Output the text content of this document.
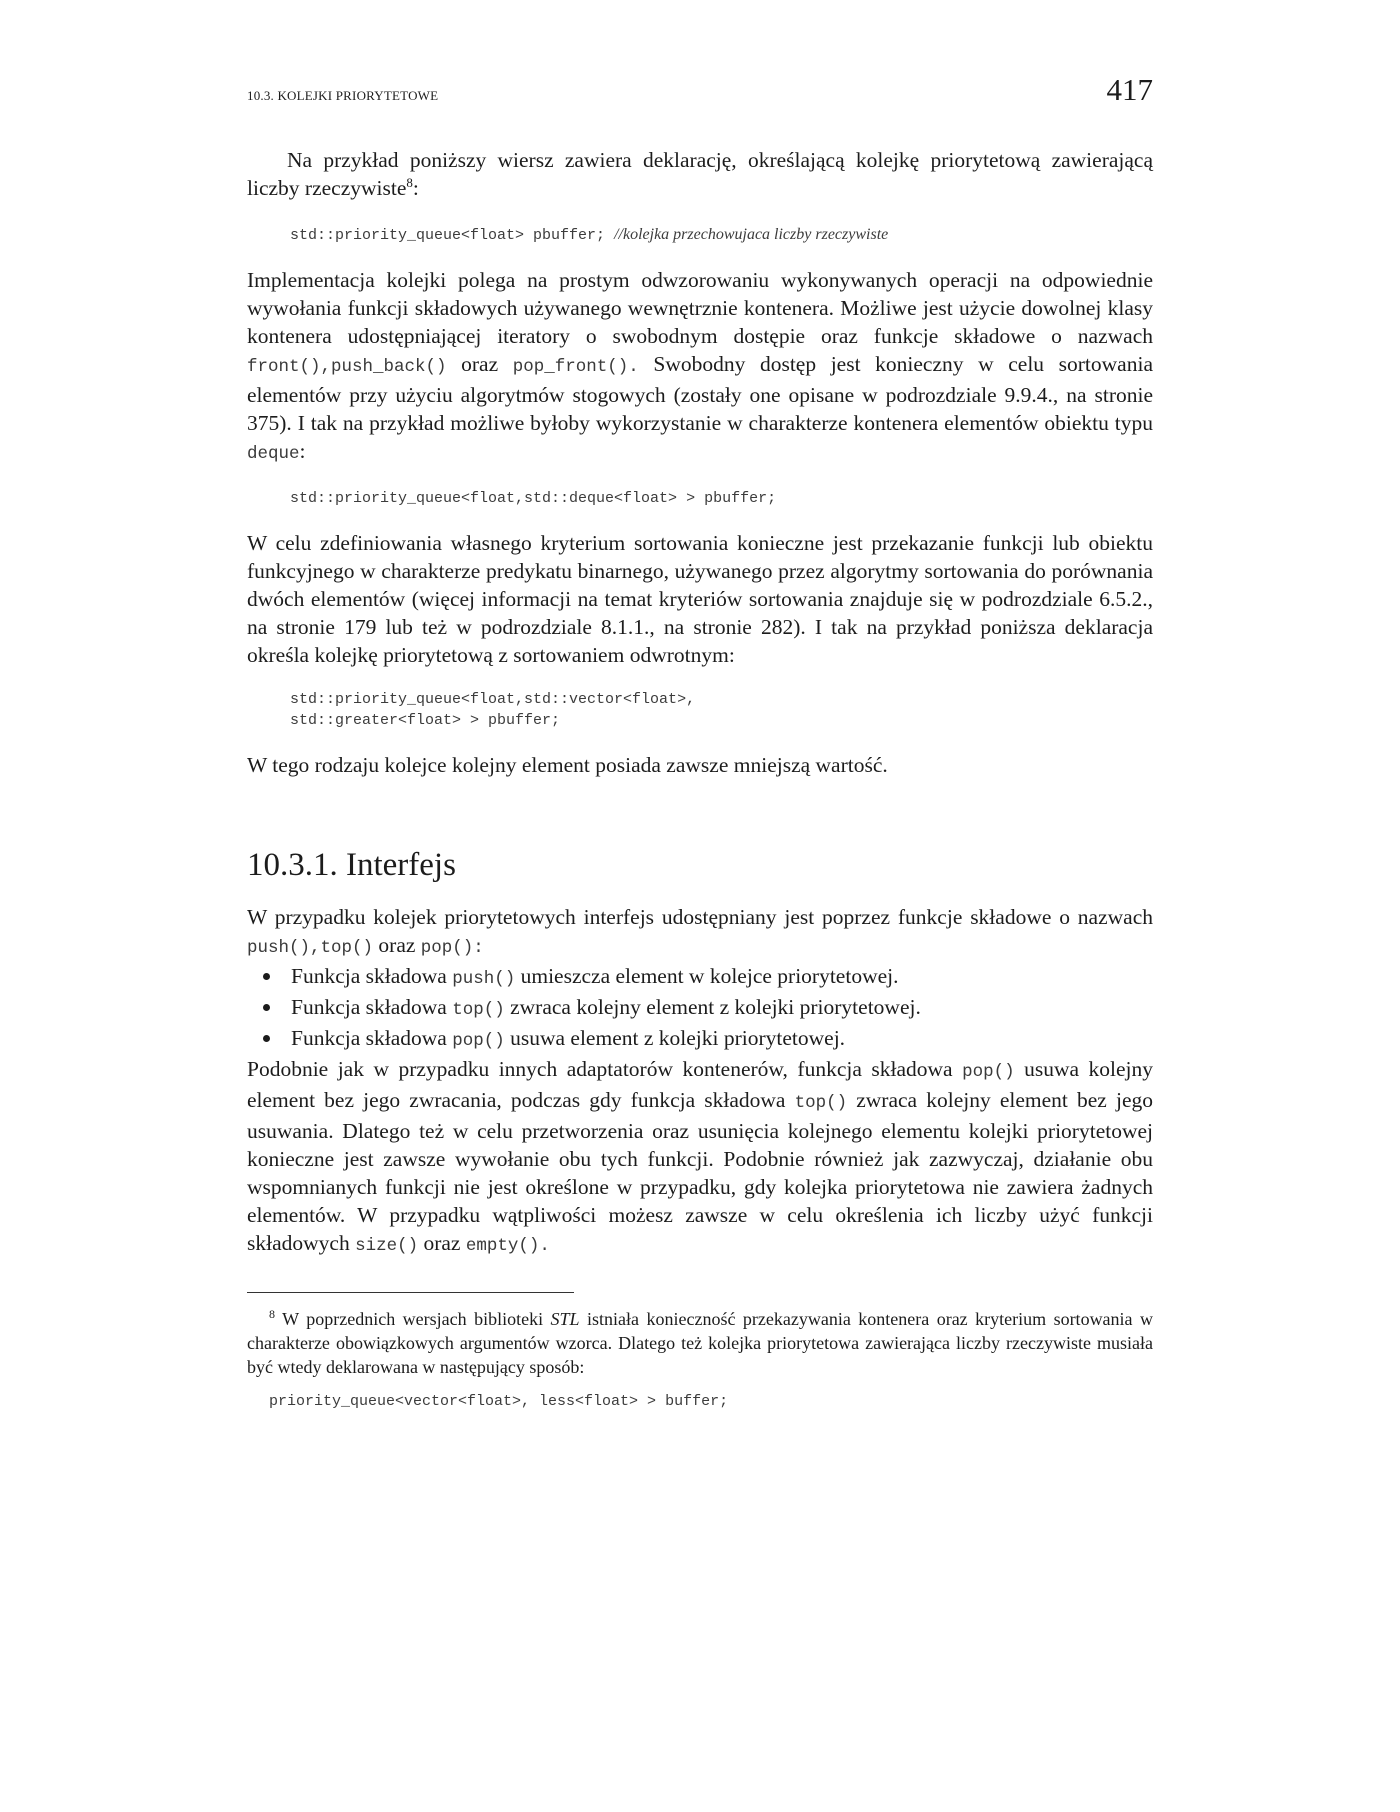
10.3. KOLEJKI PRIORYTETOWE	417

Na przykład poniższy wiersz zawiera deklarację, określającą kolejkę priorytetową zawierającą liczby rzeczywiste$^8$:

std::priority_queue<float> pbuffer; //kolejka przechowujaca liczby rzeczywiste

Implementacja kolejki polega na prostym odwzorowaniu wykonywanych operacji na odpowiednie wywołania funkcji składowych używanego wewnętrznie kontenera. Możliwe jest użycie dowolnej klasy kontenera udostępniającej iteratory o swobodnym dostępie oraz funkcje składowe o nazwach front(),push_back() oraz pop_front(). Swobodny dostęp jest konieczny w celu sortowania elementów przy użyciu algorytmów stogowych (zostały one opisane w podrozdziale 9.9.4., na stronie 375). I tak na przykład możliwe byłoby wykorzystanie w charakterze kontenera elementów obiektu typu deque:

std::priority_queue<float,std::deque<float> > pbuffer;

W celu zdefiniowania własnego kryterium sortowania konieczne jest przekazanie funkcji lub obiektu funkcyjnego w charakterze predykatu binarnego, używanego przez algorytmy sortowania do porównania dwóch elementów (więcej informacji na temat kryteriów sortowania znajduje się w podrozdziale 6.5.2., na stronie 179 lub też w podrozdziale 8.1.1., na stronie 282). I tak na przykład poniższa deklaracja określa kolejkę priorytetową z sortowaniem odwrotnym:

std::priority_queue<float,std::vector<float>,
std::greater<float> > pbuffer;

W tego rodzaju kolejce kolejny element posiada zawsze mniejszą wartość.

10.3.1. Interfejs

W przypadku kolejek priorytetowych interfejs udostępniany jest poprzez funkcje składowe o nazwach push(),top() oraz pop():

Funkcja składowa push() umieszcza element w kolejce priorytetowej.
Funkcja składowa top() zwraca kolejny element z kolejki priorytetowej.
Funkcja składowa pop() usuwa element z kolejki priorytetowej.

Podobnie jak w przypadku innych adaptatorów kontenerów, funkcja składowa pop() usuwa kolejny element bez jego zwracania, podczas gdy funkcja składowa top() zwraca kolejny element bez jego usuwania. Dlatego też w celu przetworzenia oraz usunięcia kolejnego elementu kolejki priorytetowej konieczne jest zawsze wywołanie obu tych funkcji. Podobnie również jak zazwyczaj, działanie obu wspomnianych funkcji nie jest określone w przypadku, gdy kolejka priorytetowa nie zawiera żadnych elementów. W przypadku wątpliwości możesz zawsze w celu określenia ich liczby użyć funkcji składowych size() oraz empty().

$^8$ W poprzednich wersjach biblioteki STL istniała konieczność przekazywania kontenera oraz kryterium sortowania w charakterze obowiązkowych argumentów wzorca. Dlatego też kolejka priorytetowa zawierająca liczby rzeczywiste musiała być wtedy deklarowana w następujący sposób:

priority_queue<vector<float>, less<float> > buffer;
